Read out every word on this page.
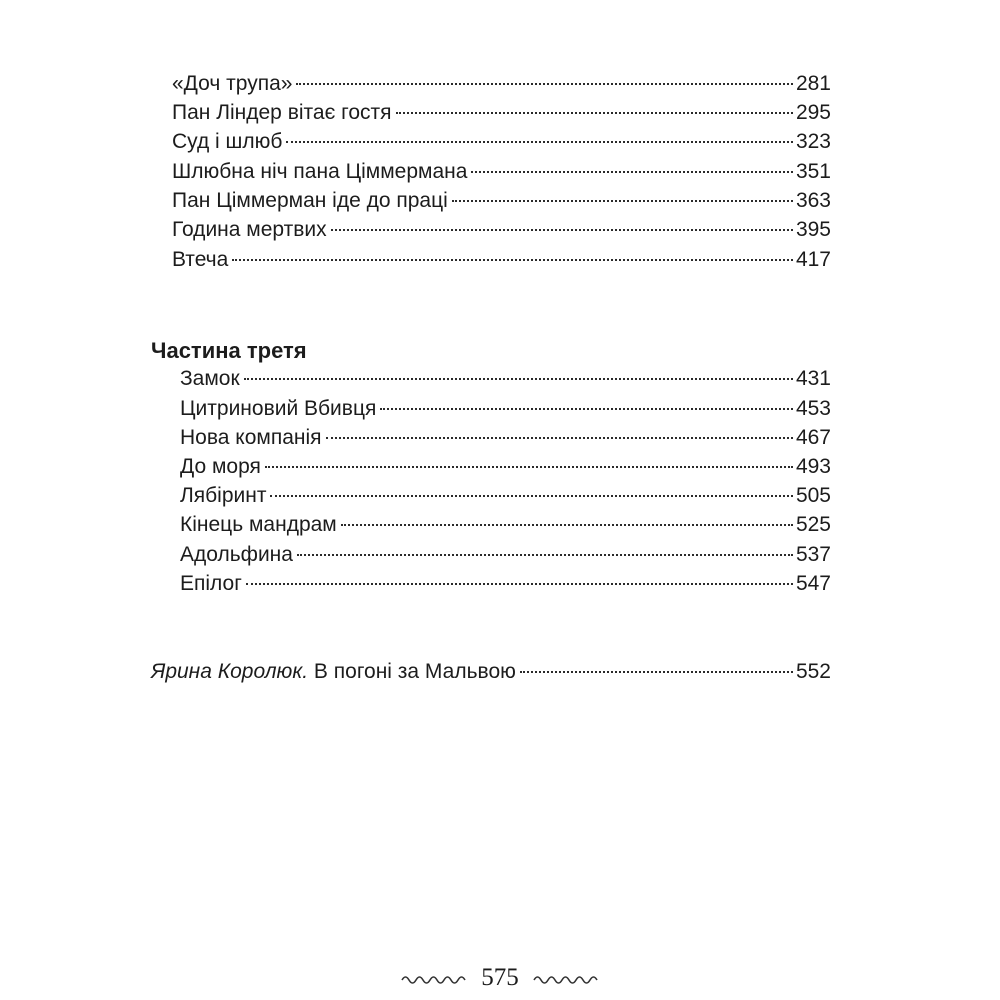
«Доч трупа»	281
Пан Ліндер вітає гостя	295
Суд і шлюб	323
Шлюбна ніч пана Ціммермана	351
Пан Ціммерман іде до праці	363
Година мертвих	395
Втеча	417
Частина третя
Замок	431
Цитриновий Вбивця	453
Нова компанія	467
До моря	493
Лябіринт	505
Кінець мандрам	525
Адольфина	537
Епілог	547
Ярина Королюк. В погоні за Мальвою	552
575
